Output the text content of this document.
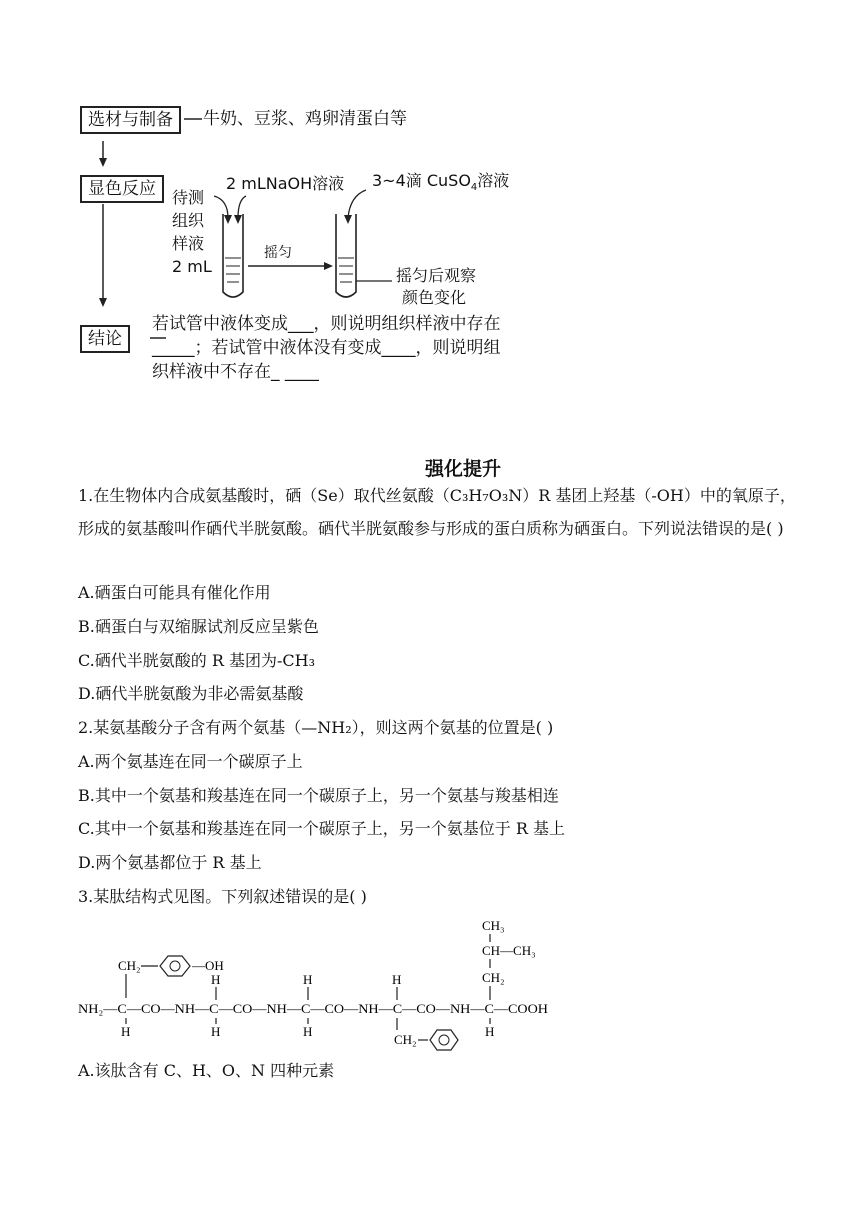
选材与制备	牛奶、豆浆、鸡卵清蛋白等
显色反应	待测
组织
样液
2 mL
2 mLNaOH溶液 3~4滴 CuSO$_4$溶液
摇匀
摇匀后观察
颜色变化
结论
若试管中液体变成___，则说明组织样液中存在
_____；若试管中液体没有变成____，则说明组
织样液中不存在_ ____
强化提升
1.在生物体内合成氨基酸时，硒（Se）取代丝氨酸（C₃H₇O₃N）R 基团上羟基（-OH）中的氧原子，形成的氨基酸叫作硒代半胱氨酸。硒代半胱氨酸参与形成的蛋白质称为硒蛋白。下列说法错误的是( )
A.硒蛋白可能具有催化作用
B.硒蛋白与双缩脲试剂反应呈紫色
C.硒代半胱氨酸的 R 基团为-CH₃
D.硒代半胱氨酸为非必需氨基酸
2.某氨基酸分子含有两个氨基（—NH₂），则这两个氨基的位置是( )
A.两个氨基连在同一个碳原子上
B.其中一个氨基和羧基连在同一个碳原子上，另一个氨基与羧基相连
C.其中一个氨基和羧基连在同一个碳原子上，另一个氨基位于 R 基上
D.两个氨基都位于 R 基上
3.某肽结构式见图。下列叙述错误的是( )
NH₂—C—CO—NH—C—CO—NH—C—CO—NH—C—CO—NH—C—COOH
CH₂	—OH
H
H
H
H
H
H
CH₂
CH₃
CH—CH₃
CH₂
H
A.该肽含有 C、H、O、N 四种元素
